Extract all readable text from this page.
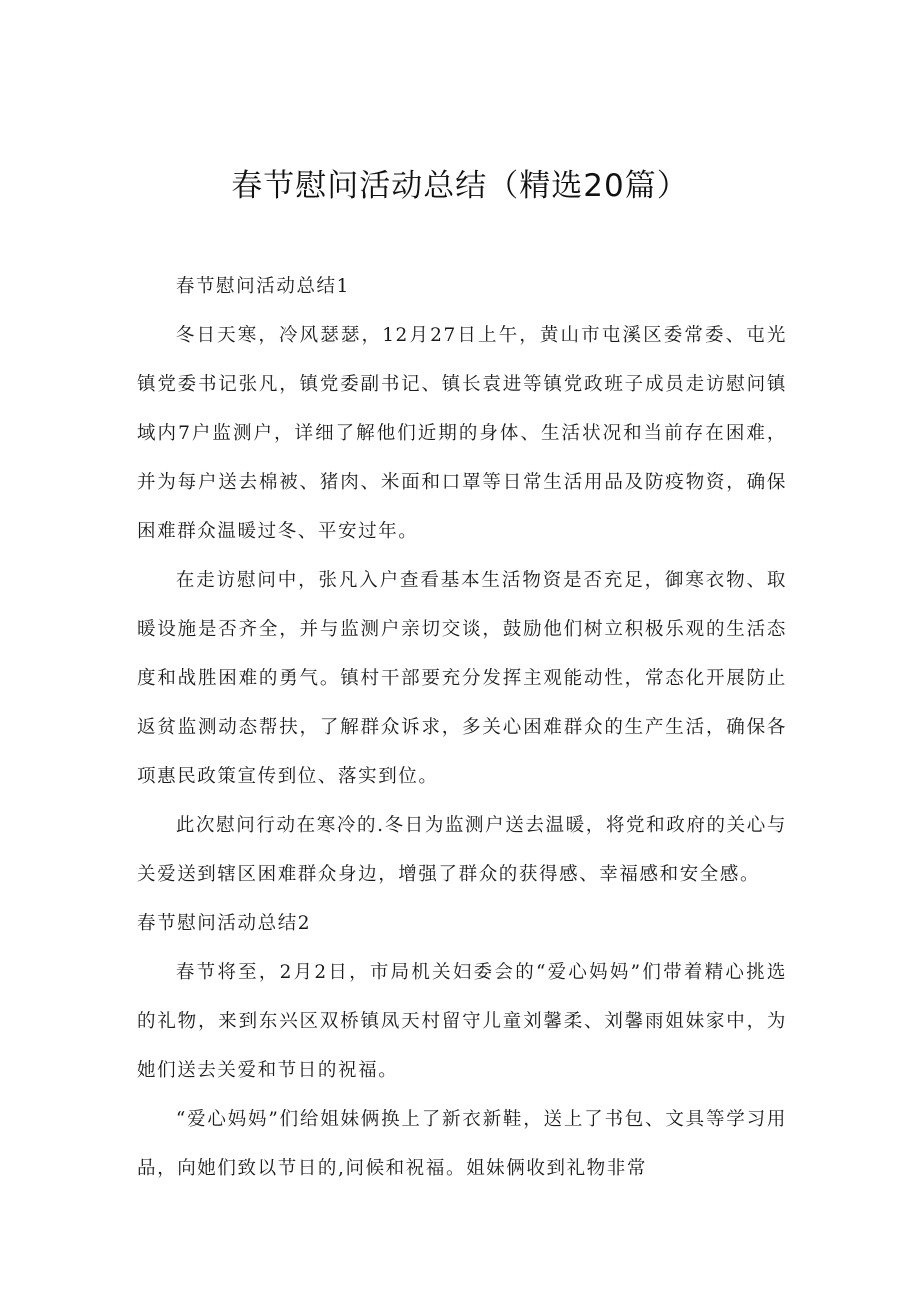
春节慰问活动总结（精选20篇）

春节慰问活动总结1

冬日天寒，冷风瑟瑟，12月27日上午，黄山市屯溪区委常委、屯光镇党委书记张凡，镇党委副书记、镇长袁进等镇党政班子成员走访慰问镇域内7户监测户，详细了解他们近期的身体、生活状况和当前存在困难，并为每户送去棉被、猪肉、米面和口罩等日常生活用品及防疫物资，确保困难群众温暖过冬、平安过年。

在走访慰问中，张凡入户查看基本生活物资是否充足，御寒衣物、取暖设施是否齐全，并与监测户亲切交谈，鼓励他们树立积极乐观的生活态度和战胜困难的勇气。镇村干部要充分发挥主观能动性，常态化开展防止返贫监测动态帮扶，了解群众诉求，多关心困难群众的生产生活，确保各项惠民政策宣传到位、落实到位。

此次慰问行动在寒冷的.冬日为监测户送去温暖，将党和政府的关心与关爱送到辖区困难群众身边，增强了群众的获得感、幸福感和安全感。

春节慰问活动总结2

春节将至，2月2日，市局机关妇委会的“爱心妈妈”们带着精心挑选的礼物，来到东兴区双桥镇凤天村留守儿童刘馨柔、刘馨雨姐妹家中，为她们送去关爱和节日的祝福。

“爱心妈妈”们给姐妹俩换上了新衣新鞋，送上了书包、文具等学习用品，向她们致以节日的,问候和祝福。姐妹俩收到礼物非常
